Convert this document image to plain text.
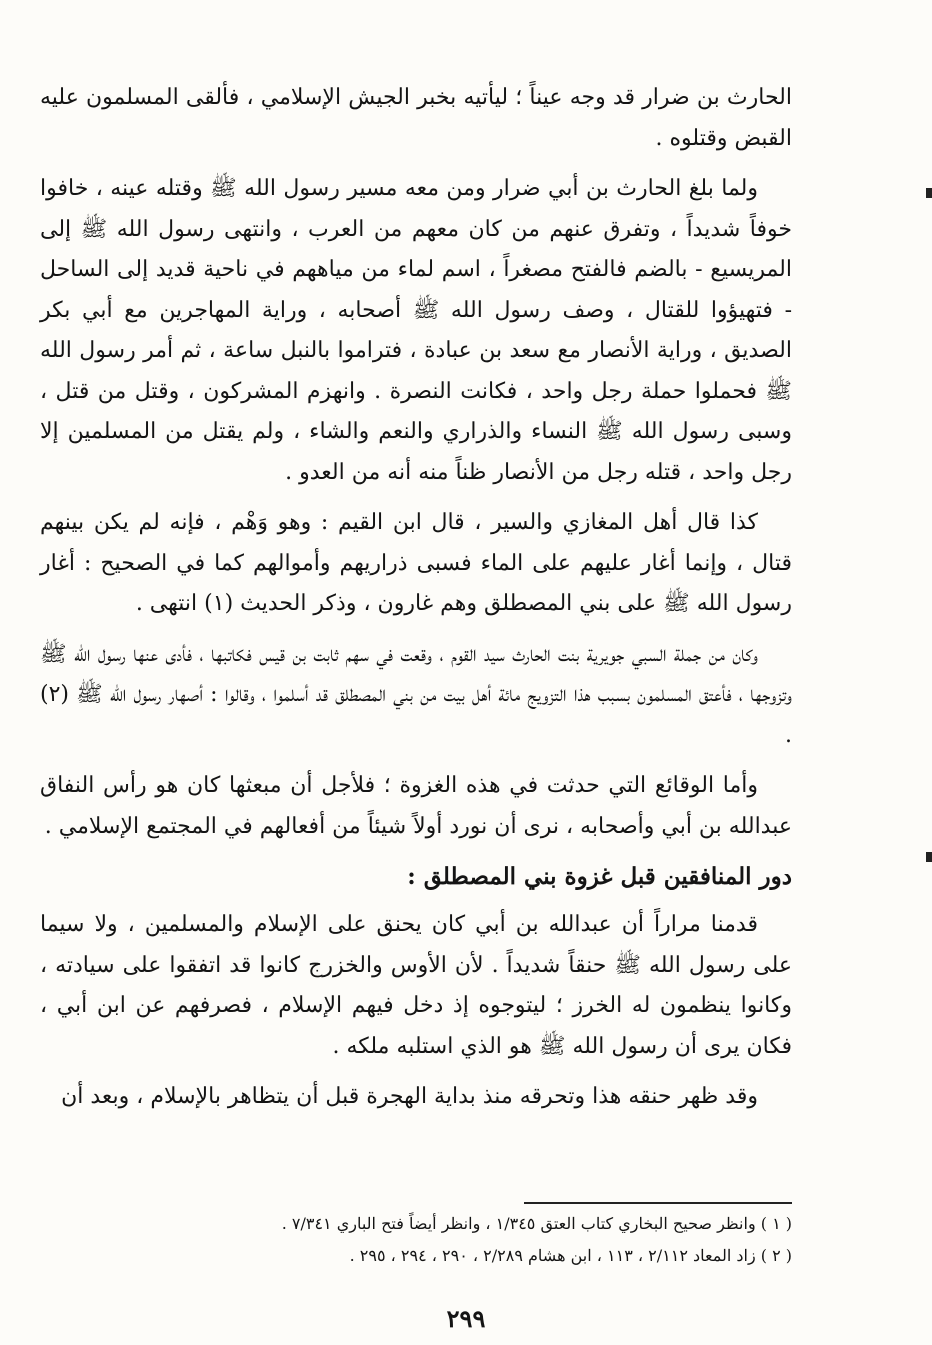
الحارث بن ضرار قد وجه عيناً ؛ ليأتيه بخبر الجيش الإسلامي ، فألقى المسلمون عليه القبض وقتلوه .

ولما بلغ الحارث بن أبي ضرار ومن معه مسير رسول الله ﷺ وقتله عينه ، خافوا خوفاً شديداً ، وتفرق عنهم من كان معهم من العرب ، وانتهى رسول الله ﷺ إلى المريسيع - بالضم فالفتح مصغراً ، اسم لماء من مياههم في ناحية قديد إلى الساحل - فتهيؤوا للقتال ، وصف رسول الله ﷺ أصحابه ، وراية المهاجرين مع أبي بكر الصديق ، وراية الأنصار مع سعد بن عبادة ، فتراموا بالنبل ساعة ، ثم أمر رسول الله ﷺ فحملوا حملة رجل واحد ، فكانت النصرة . وانهزم المشركون ، وقتل من قتل ، وسبى رسول الله ﷺ النساء والذراري والنعم والشاء ، ولم يقتل من المسلمين إلا رجل واحد ، قتله رجل من الأنصار ظناً منه أنه من العدو .

كذا قال أهل المغازي والسير ، قال ابن القيم : وهو وَهْم ، فإنه لم يكن بينهم قتال ، وإنما أغار عليهم على الماء فسبى ذراريهم وأموالهم كما في الصحيح : أغار رسول الله ﷺ على بني المصطلق وهم غارون ، وذكر الحديث (١) انتهى .

وكان من جملة السبي جويرية بنت الحارث سيد القوم ، وقعت في سهم ثابت بن قيس فكاتبها ، فأدى عنها رسول الله ﷺ وتزوجها ، فأعتق المسلمون بسبب هذا التزويج مائة أهل بيت من بني المصطلق قد أسلموا ، وقالوا : أصهار رسول الله ﷺ (٢) .

وأما الوقائع التي حدثت في هذه الغزوة ؛ فلأجل أن مبعثها كان هو رأس النفاق عبدالله بن أبي وأصحابه ، نرى أن نورد أولاً شيئاً من أفعالهم في المجتمع الإسلامي .

دور المنافقين قبل غزوة بني المصطلق :

قدمنا مراراً أن عبدالله بن أبي كان يحنق على الإسلام والمسلمين ، ولا سيما على رسول الله ﷺ حنقاً شديداً . لأن الأوس والخزرج كانوا قد اتفقوا على سيادته ، وكانوا ينظمون له الخرز ؛ ليتوجوه إذ دخل فيهم الإسلام ، فصرفهم عن ابن أبي ، فكان يرى أن رسول الله ﷺ هو الذي استلبه ملكه .

وقد ظهر حنقه هذا وتحرقه منذ بداية الهجرة قبل أن يتظاهر بالإسلام ، وبعد أن

( ١ ) وانظر صحيح البخاري كتاب العتق ١/٣٤٥ ، وانظر أيضاً فتح الباري ٧/٣٤١ .

( ٢ ) زاد المعاد ٢/١١٢ ، ١١٣ ، ابن هشام ٢/٢٨٩ ، ٢٩٠ ، ٢٩٤ ، ٢٩٥ .

٢٩٩
